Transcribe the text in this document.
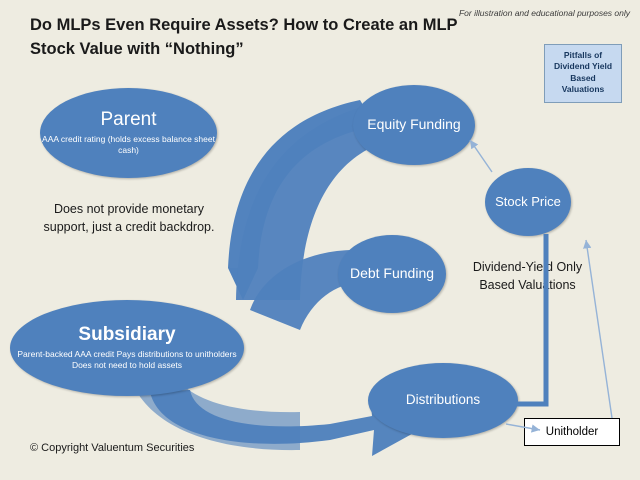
Parent
AAA credit rating (holds excess balance sheet cash)
Subsidiary
Parent-backed AAA credit Pays distributions to unitholders Does not need to hold assets
Equity Funding
Debt Funding
Distributions
Stock Price
Do MLPs Even Require Assets? How to Create an MLP Stock Value with “Nothing”
For illustration and educational purposes only
Pitfalls of Dividend Yield Based Valuations
Does not provide monetary support, just a credit backdrop.
Dividend-Yield Only Based Valuations
Unitholder
© Copyright Valuentum Securities
